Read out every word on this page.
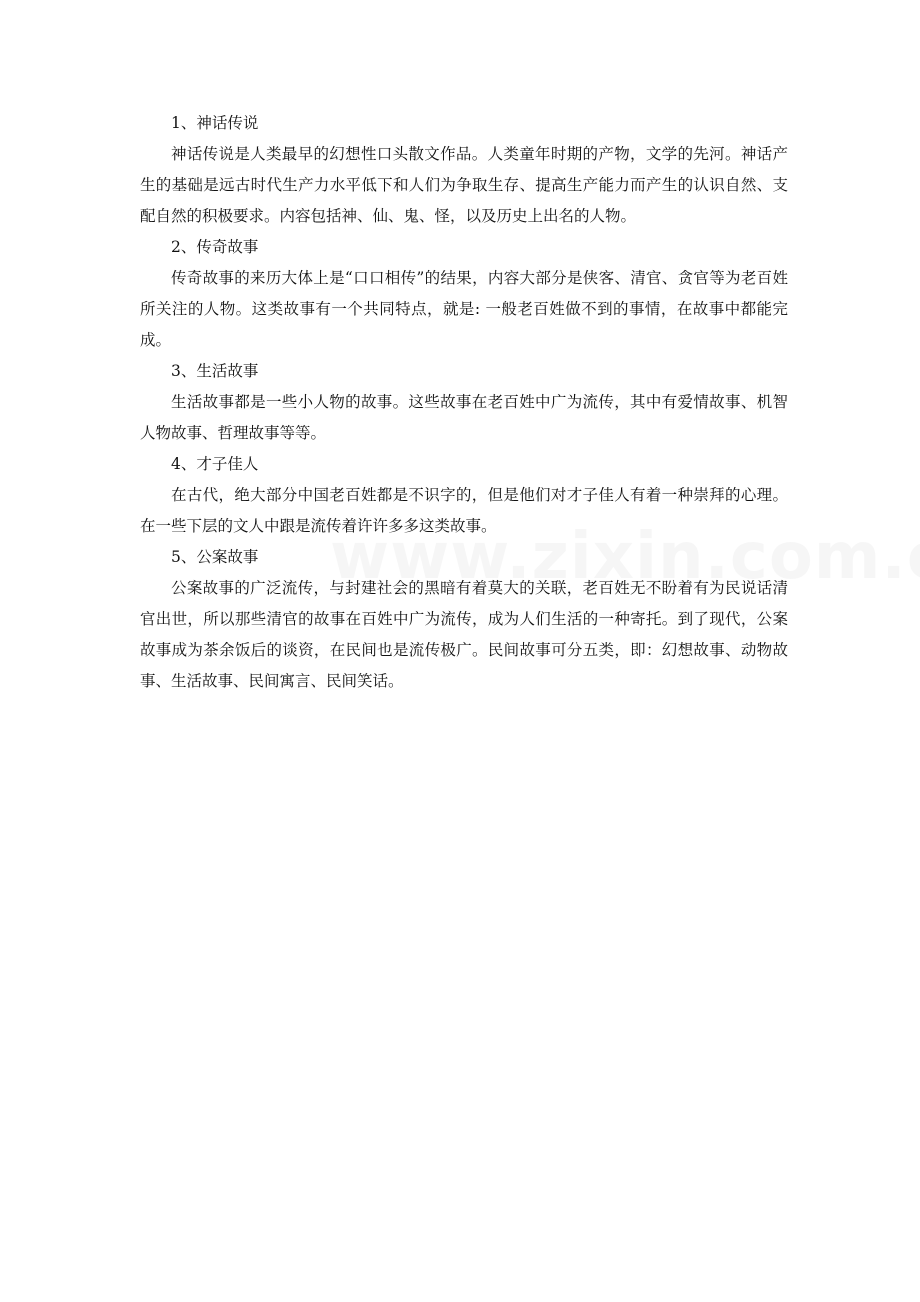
1、神话传说

神话传说是人类最早的幻想性口头散文作品。人类童年时期的产物，文学的先河。神话产生的基础是远古时代生产力水平低下和人们为争取生存、提高生产能力而产生的认识自然、支配自然的积极要求。内容包括神、仙、鬼、怪，以及历史上出名的人物。

2、传奇故事

传奇故事的来历大体上是“口口相传”的结果，内容大部分是侠客、清官、贪官等为老百姓所关注的人物。这类故事有一个共同特点，就是: 一般老百姓做不到的事情，在故事中都能完成。

3、生活故事

生活故事都是一些小人物的故事。这些故事在老百姓中广为流传，其中有爱情故事、机智人物故事、哲理故事等等。

4、才子佳人

在古代，绝大部分中国老百姓都是不识字的，但是他们对才子佳人有着一种崇拜的心理。在一些下层的文人中跟是流传着许许多多这类故事。

5、公案故事

公案故事的广泛流传，与封建社会的黑暗有着莫大的关联，老百姓无不盼着有为民说话清官出世，所以那些清官的故事在百姓中广为流传，成为人们生活的一种寄托。到了现代，公案故事成为茶余饭后的谈资，在民间也是流传极广。民间故事可分五类，即：幻想故事、动物故事、生活故事、民间寓言、民间笑话。
